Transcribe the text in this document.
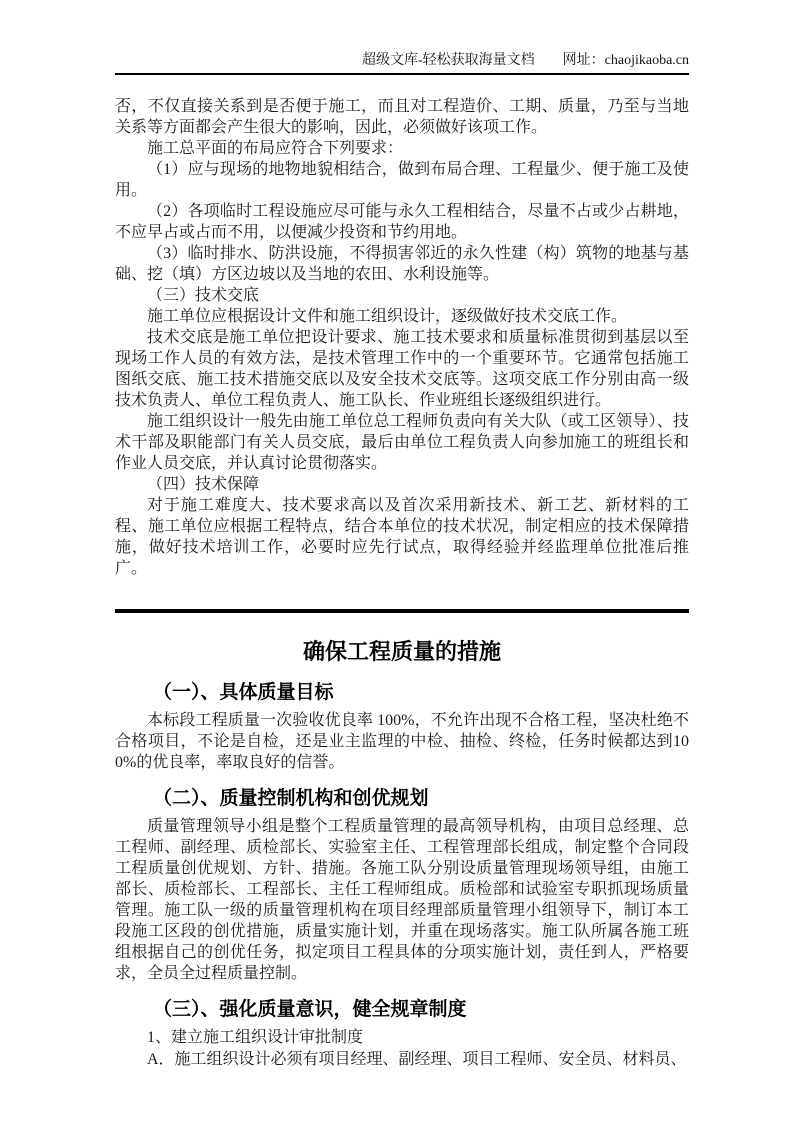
超级文库-轻松获取海量文档　　网址：chaojikaoba.cn

否，不仅直接关系到是否便于施工，而且对工程造价、工期、质量，乃至与当地关系等方面都会产生很大的影响，因此，必须做好该项工作。

施工总平面的布局应符合下列要求：

（1）应与现场的地物地貌相结合，做到布局合理、工程量少、便于施工及使用。

（2）各项临时工程设施应尽可能与永久工程相结合，尽量不占或少占耕地，不应早占或占而不用，以便减少投资和节约用地。

（3）临时排水、防洪设施，不得损害邻近的永久性建（构）筑物的地基与基础、挖（填）方区边坡以及当地的农田、水利设施等。

（三）技术交底

施工单位应根据设计文件和施工组织设计，逐级做好技术交底工作。

技术交底是施工单位把设计要求、施工技术要求和质量标准贯彻到基层以至现场工作人员的有效方法，是技术管理工作中的一个重要环节。它通常包括施工图纸交底、施工技术措施交底以及安全技术交底等。这项交底工作分别由高一级技术负责人、单位工程负责人、施工队长、作业班组长逐级组织进行。

施工组织设计一般先由施工单位总工程师负责向有关大队（或工区领导）、技术干部及职能部门有关人员交底，最后由单位工程负责人向参加施工的班组长和作业人员交底，并认真讨论贯彻落实。

（四）技术保障

对于施工难度大、技术要求高以及首次采用新技术、新工艺、新材料的工程、施工单位应根据工程特点，结合本单位的技术状况，制定相应的技术保障措施，做好技术培训工作，必要时应先行试点，取得经验并经监理单位批准后推广。

确保工程质量的措施
（一）、具体质量目标

本标段工程质量一次验收优良率 100%，不允许出现不合格工程，坚决杜绝不合格项目，不论是自检，还是业主监理的中检、抽检、终检，任务时候都达到100%的优良率，率取良好的信誉。

（二）、质量控制机构和创优规划

质量管理领导小组是整个工程质量管理的最高领导机构，由项目总经理、总工程师、副经理、质检部长、实验室主任、工程管理部长组成，制定整个合同段工程质量创优规划、方针、措施。各施工队分别设质量管理现场领导组，由施工部长、质检部长、工程部长、主任工程师组成。质检部和试验室专职抓现场质量管理。施工队一级的质量管理机构在项目经理部质量管理小组领导下，制订本工段施工区段的创优措施，质量实施计划，并重在现场落实。施工队所属各施工班组根据自己的创优任务，拟定项目工程具体的分项实施计划，责任到人，严格要求，全员全过程质量控制。

（三）、强化质量意识，健全规章制度

1、建立施工组织设计审批制度

A．施工组织设计必须有项目经理、副经理、项目工程师、安全员、材料员、
